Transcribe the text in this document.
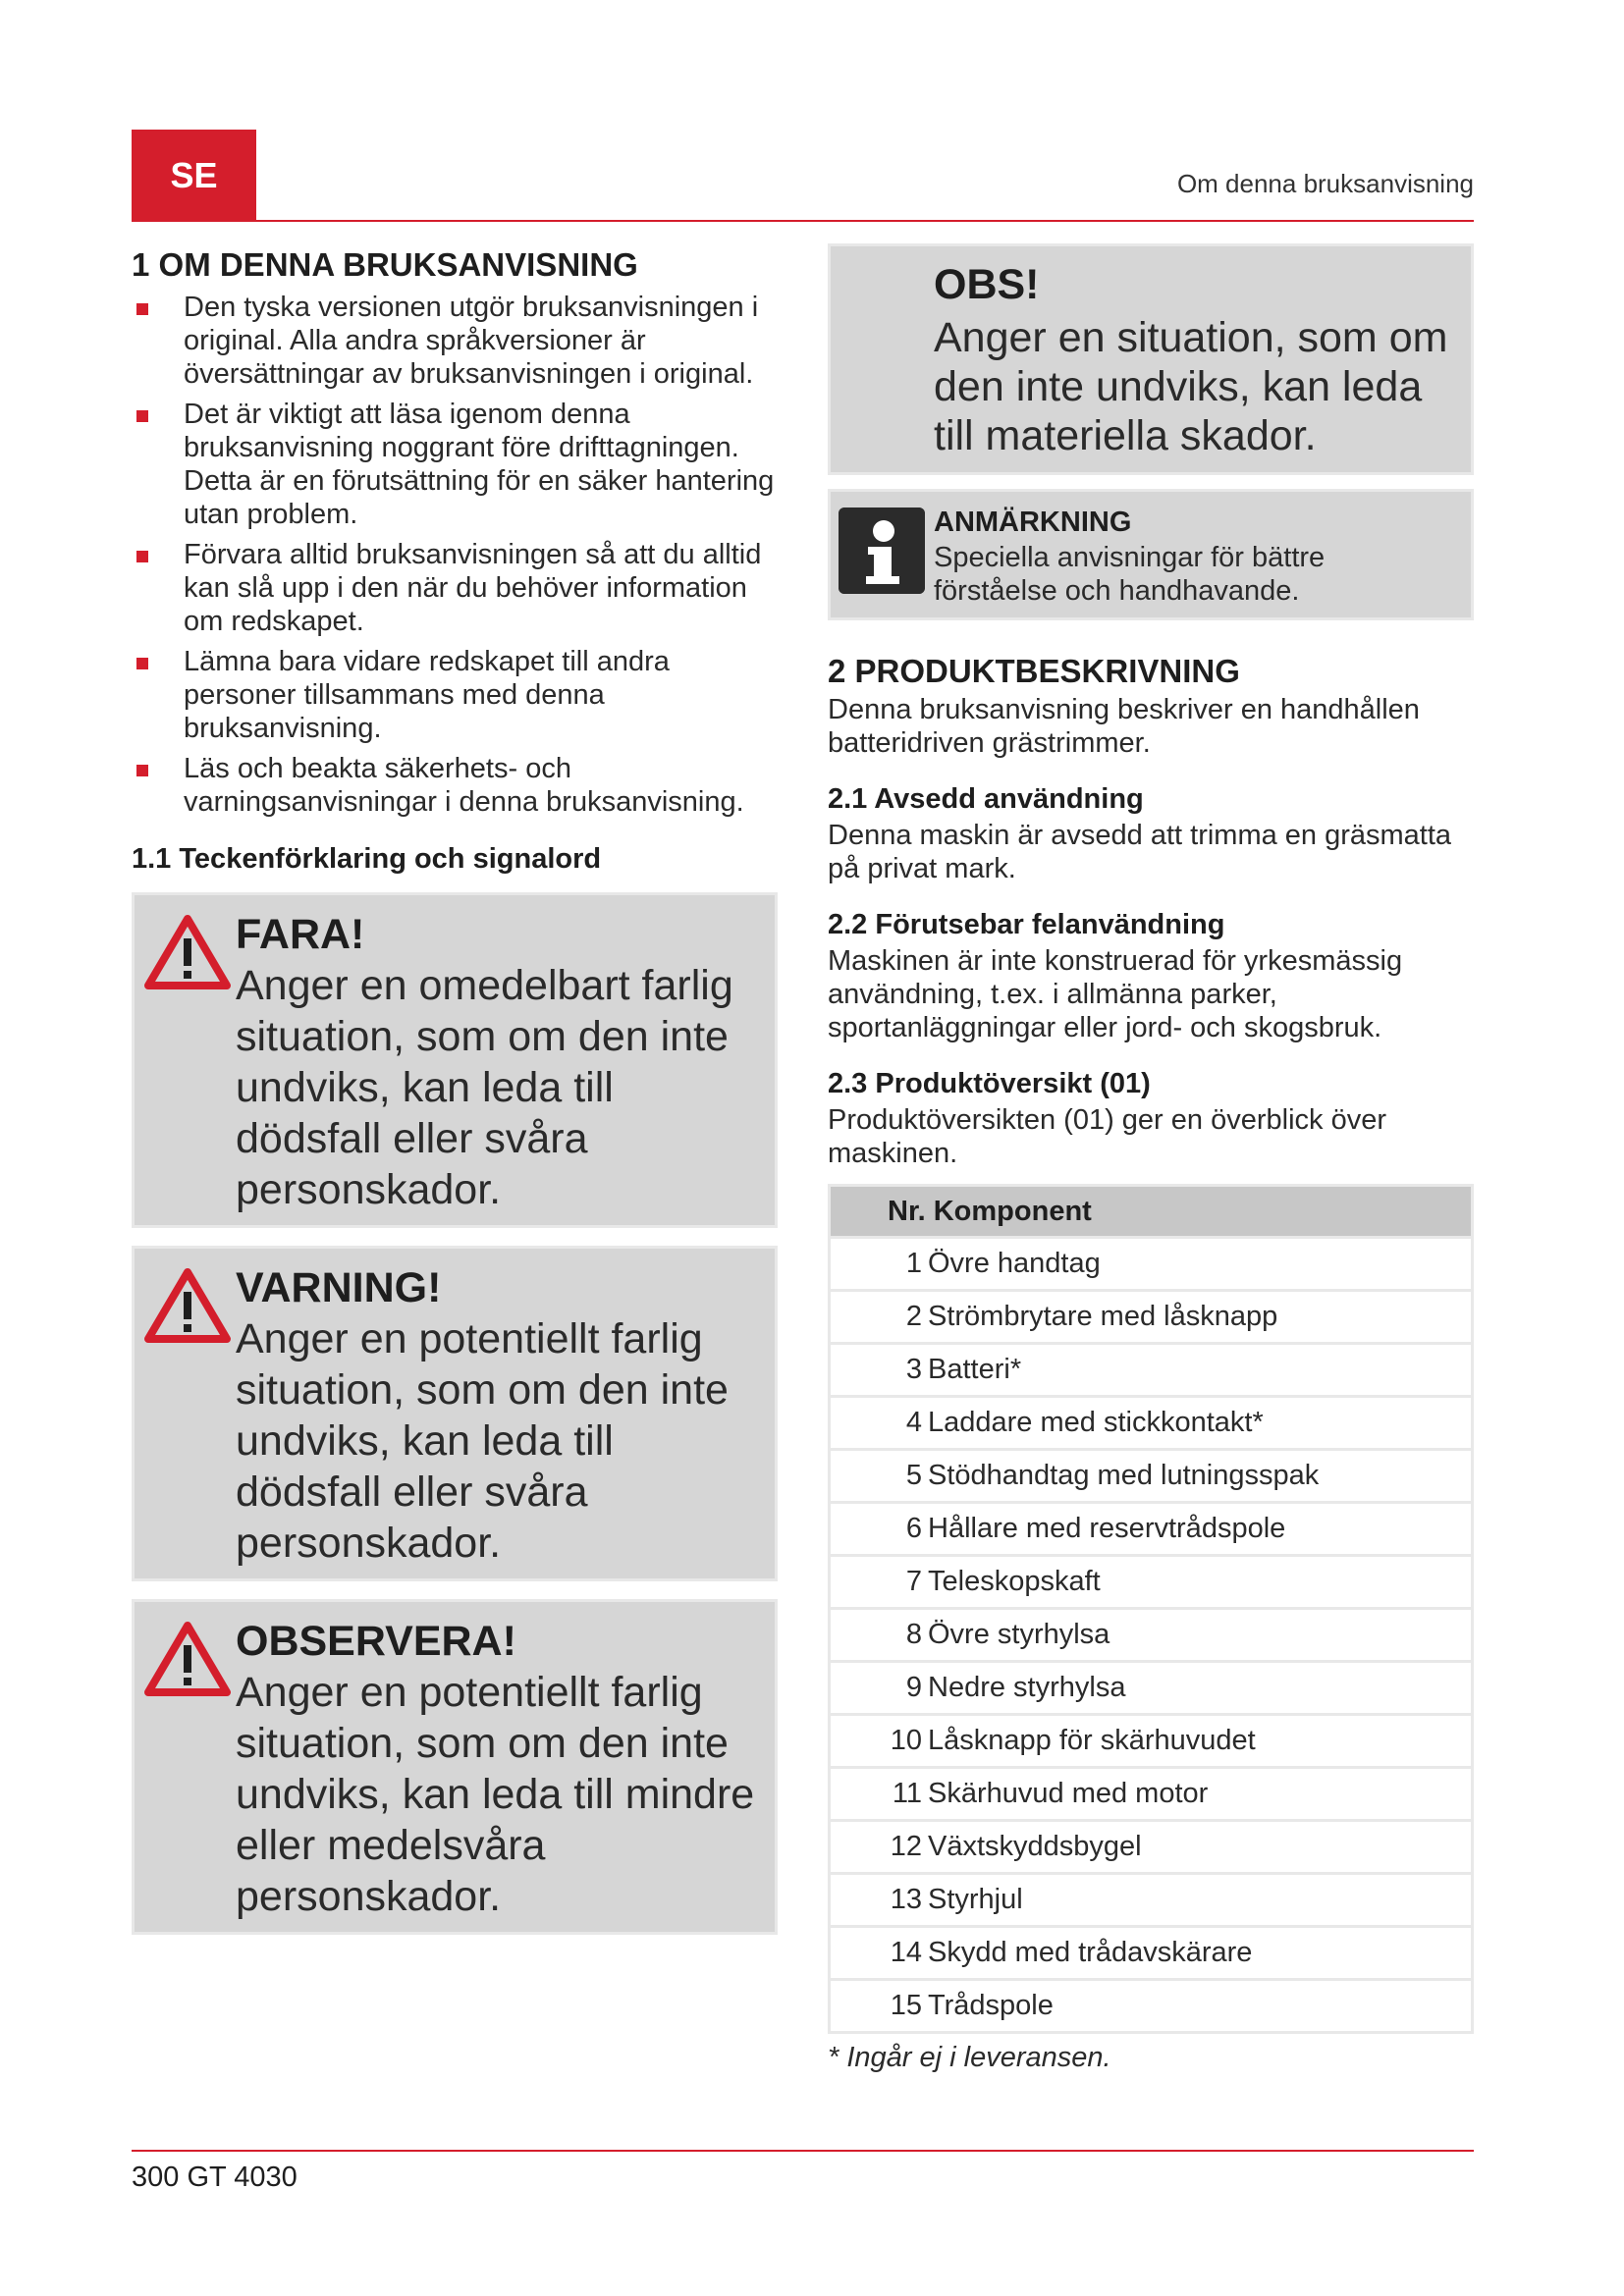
SE	Om denna bruksanvisning
1 OM DENNA BRUKSANVISNING
Den tyska versionen utgör bruksanvisningen i original. Alla andra språkversioner är översättningar av bruksanvisningen i original.
Det är viktigt att läsa igenom denna bruksanvisning noggrant före drifttagningen. Detta är en förutsättning för en säker hantering utan problem.
Förvara alltid bruksanvisningen så att du alltid kan slå upp i den när du behöver information om redskapet.
Lämna bara vidare redskapet till andra personer tillsammans med denna bruksanvisning.
Läs och beakta säkerhets- och varningsanvisningar i denna bruksanvisning.
1.1 Teckenförklaring och signalord
FARA!
Anger en omedelbart farlig situation, som om den inte undviks, kan leda till dödsfall eller svåra personskador.
VARNING!
Anger en potentiellt farlig situation, som om den inte undviks, kan leda till dödsfall eller svåra personskador.
OBSERVERA!
Anger en potentiellt farlig situation, som om den inte undviks, kan leda till mindre eller medelsvåra personskador.
OBS!
Anger en situation, som om den inte undviks, kan leda till materiella skador.
ANMÄRKNING
Speciella anvisningar för bättre förståelse och handhavande.
2 PRODUKTBESKRIVNING

Denna bruksanvisning beskriver en handhållen batteridriven grästrimmer.

2.1 Avsedd användning

Denna maskin är avsedd att trimma en gräsmatta på privat mark.

2.2 Förutsebar felanvändning

Maskinen är inte konstruerad för yrkesmässig användning, t.ex. i allmänna parker, sportanläggningar eller jord- och skogsbruk.

2.3 Produktöversikt (01)

Produktöversikten (01) ger en överblick över maskinen.

Nr. Komponent
1 Övre handtag
2 Strömbrytare med låsknapp
3 Batteri*
4 Laddare med stickkontakt*
5 Stödhandtag med lutningsspak
6 Hållare med reservtrådspole
7 Teleskopskaft
8 Övre styrhylsa
9 Nedre styrhylsa
10 Låsknapp för skärhuvudet
11 Skärhuvud med motor
12 Växtskyddsbygel
13 Styrhjul
14 Skydd med trådavskärare
15 Trådspole
* Ingår ej i leveransen.
300 GT 4030
